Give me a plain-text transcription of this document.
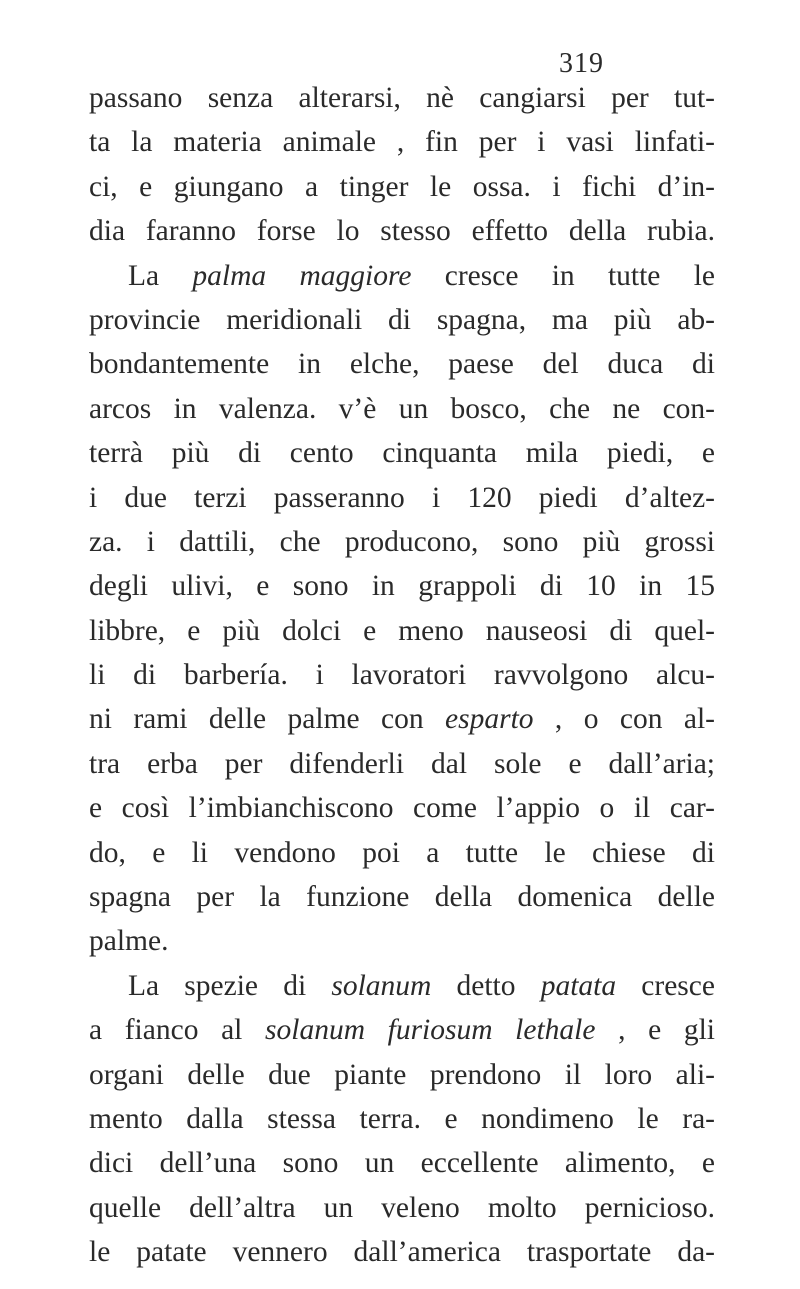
319
passano senza alterarsi, nè cangiarsi per tut-
ta la materia animale , fin per i vasi linfati-
ci, e giungano a tinger le ossa. i fichi d’in-
dia faranno forse lo stesso effetto della rubia.
La palma maggiore cresce in tutte le
provincie meridionali di spagna, ma più ab-
bondantemente in elche, paese del duca di
arcos in valenza. v’è un bosco, che ne con-
terrà più di cento cinquanta mila piedi, e
i due terzi passeranno i 120 piedi d’altez-
za. i dattili, che producono, sono più grossi
degli ulivi, e sono in grappoli di 10 in 15
libbre, e più dolci e meno nauseosi di quel-
li di barbería. i lavoratori ravvolgono alcu-
ni rami delle palme con esparto , o con al-
tra erba per difenderli dal sole e dall’aria;
e così l’imbianchiscono come l’appio o il car-
do, e li vendono poi a tutte le chiese di
spagna per la funzione della domenica delle
palme.
La spezie di solanum detto patata cresce
a fianco al solanum furiosum lethale , e gli
organi delle due piante prendono il loro ali-
mento dalla stessa terra. e nondimeno le ra-
dici dell’una sono un eccellente alimento, e
quelle dell’altra un veleno molto pernicioso.
le patate vennero dall’america trasportate da-
